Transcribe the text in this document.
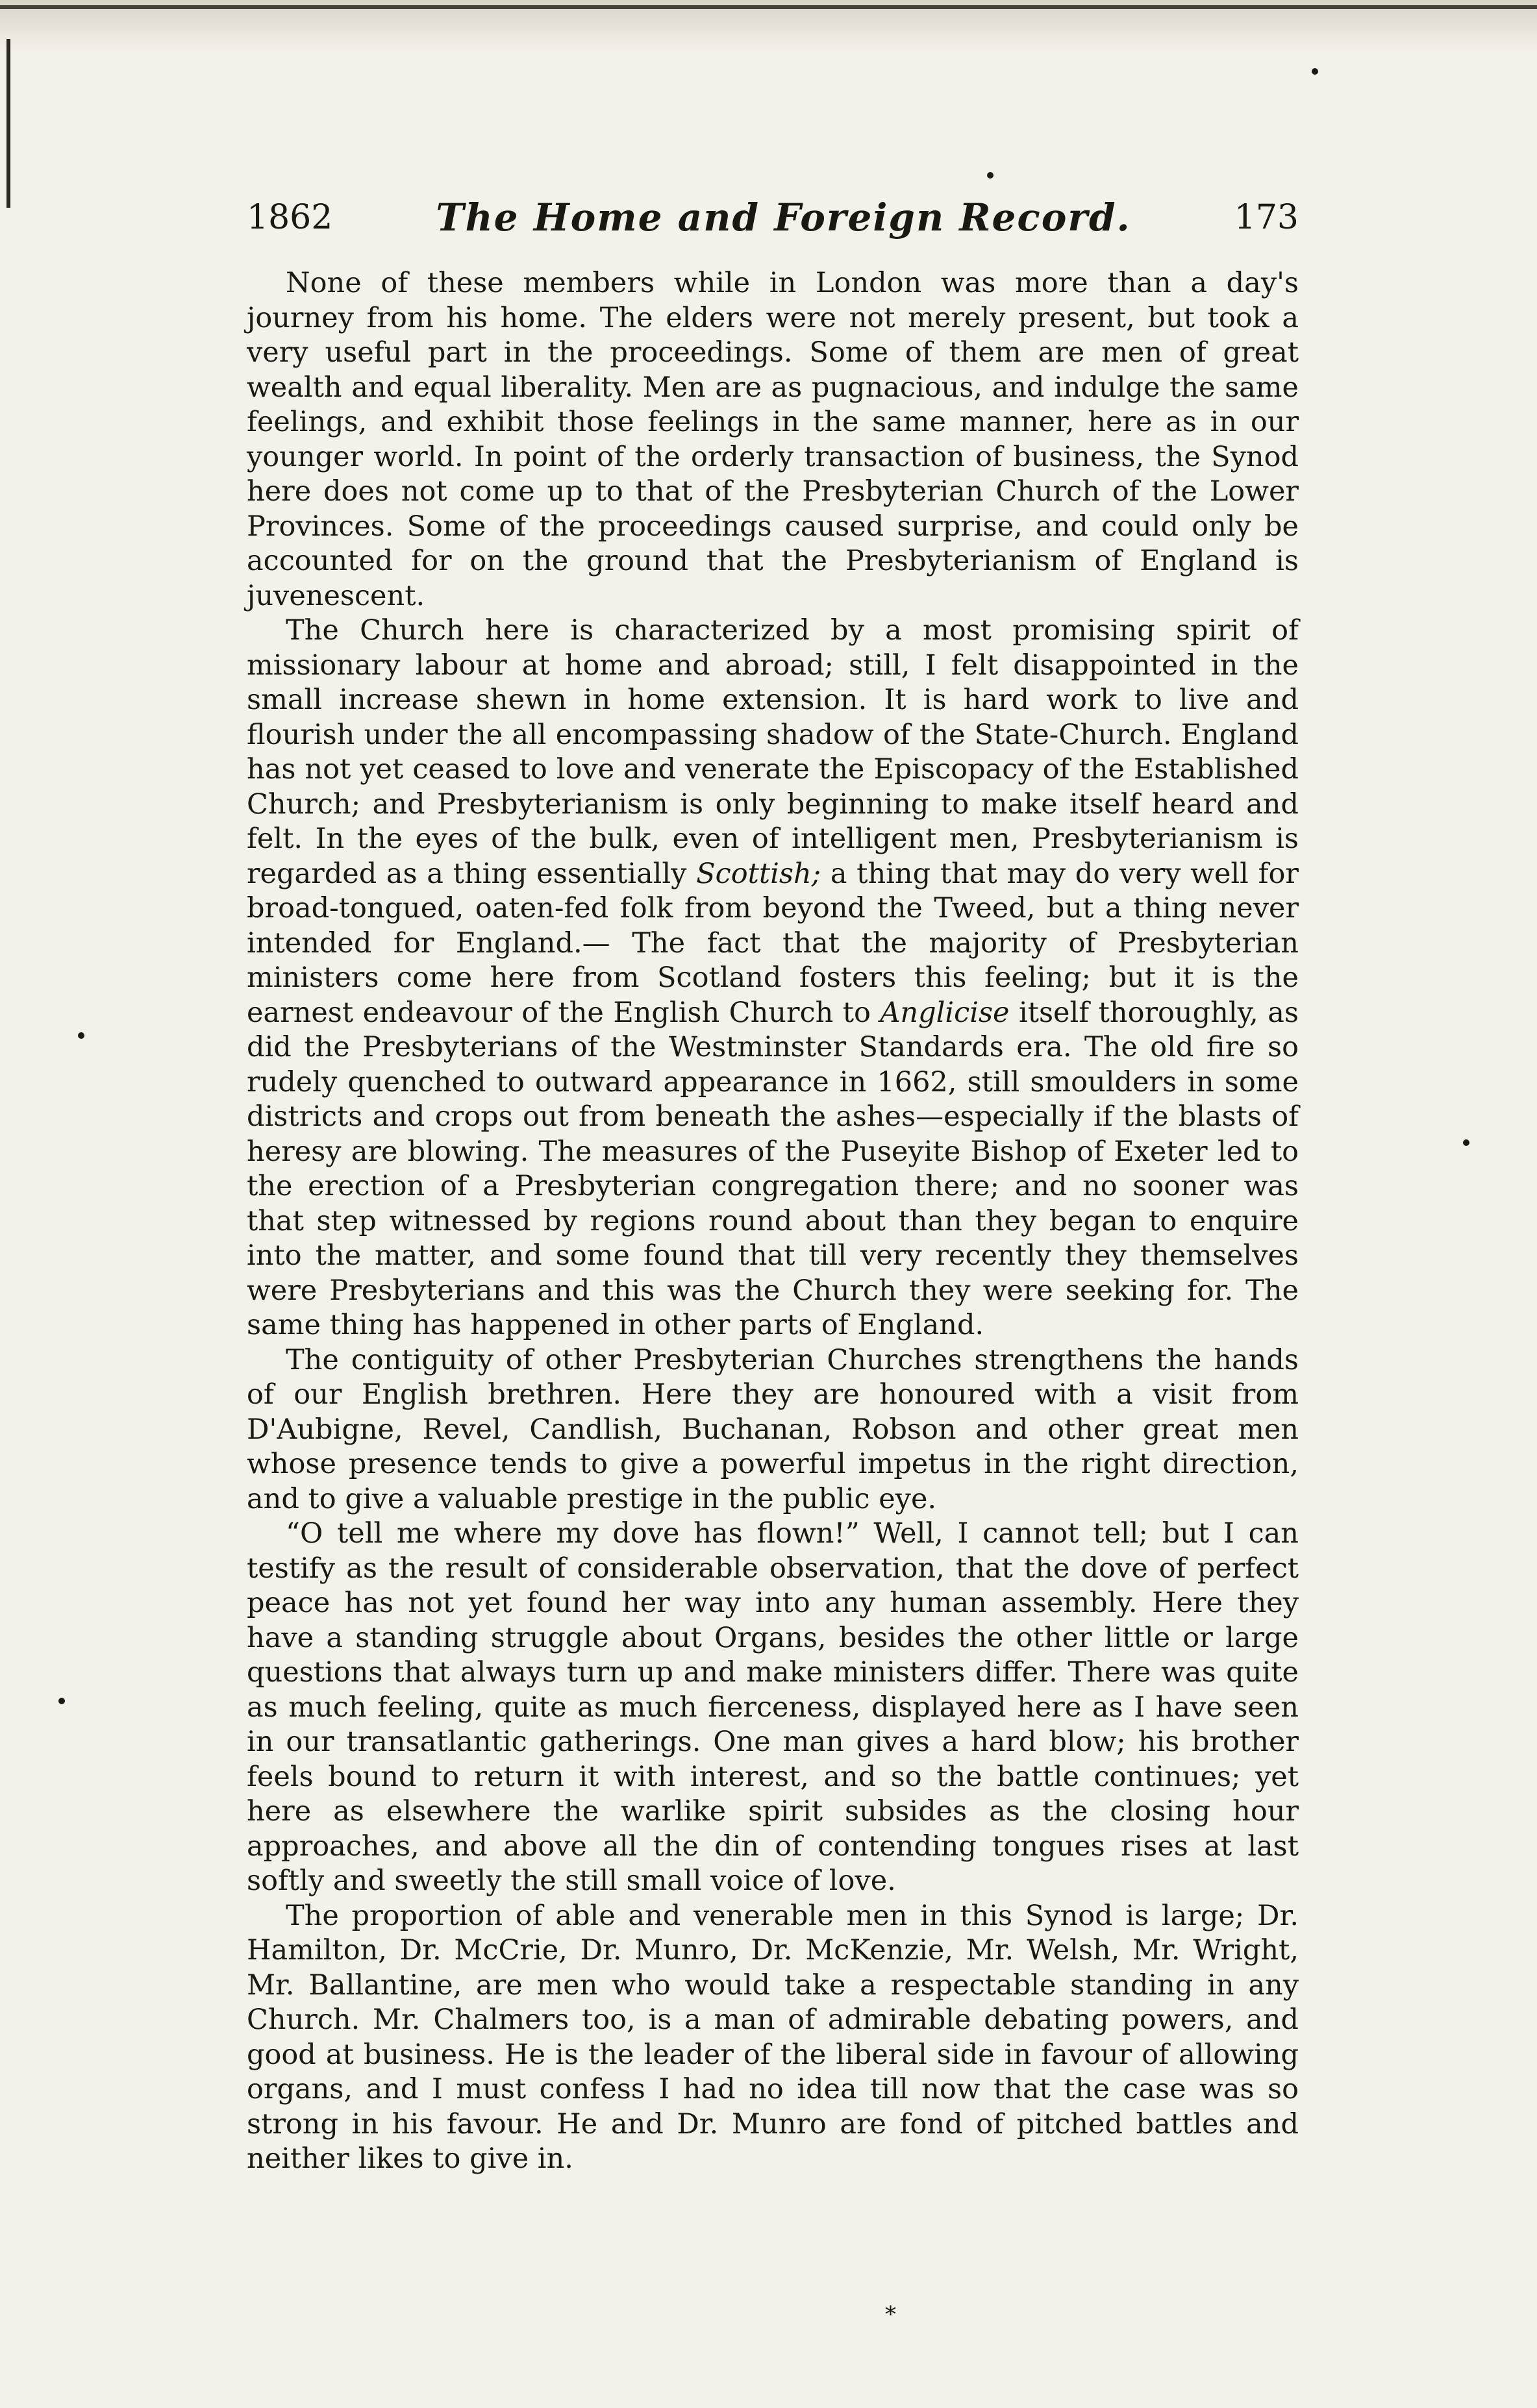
1862	The Home and Foreign Record.	173

None of these members while in London was more than a day's journey from his home. The elders were not merely present, but took a very useful part in the proceedings. Some of them are men of great wealth and equal liberality. Men are as pugnacious, and indulge the same feelings, and exhibit those feelings in the same manner, here as in our younger world. In point of the orderly transaction of business, the Synod here does not come up to that of the Presbyterian Church of the Lower Provinces. Some of the proceedings caused surprise, and could only be accounted for on the ground that the Presbyterianism of England is juvenescent.

The Church here is characterized by a most promising spirit of missionary labour at home and abroad; still, I felt disappointed in the small increase shewn in home extension. It is hard work to live and flourish under the all encompassing shadow of the State-Church. England has not yet ceased to love and venerate the Episcopacy of the Established Church; and Presbyterianism is only beginning to make itself heard and felt. In the eyes of the bulk, even of intelligent men, Presbyterianism is regarded as a thing essentially Scottish; a thing that may do very well for broad-tongued, oaten-fed folk from beyond the Tweed, but a thing never intended for England.— The fact that the majority of Presbyterian ministers come here from Scotland fosters this feeling; but it is the earnest endeavour of the English Church to Anglicise itself thoroughly, as did the Presbyterians of the Westminster Standards era. The old fire so rudely quenched to outward appearance in 1662, still smoulders in some districts and crops out from beneath the ashes—especially if the blasts of heresy are blowing. The measures of the Puseyite Bishop of Exeter led to the erection of a Presbyterian congregation there; and no sooner was that step witnessed by regions round about than they began to enquire into the matter, and some found that till very recently they themselves were Presbyterians and this was the Church they were seeking for. The same thing has happened in other parts of England.

The contiguity of other Presbyterian Churches strengthens the hands of our English brethren. Here they are honoured with a visit from D'Aubigne, Revel, Candlish, Buchanan, Robson and other great men whose presence tends to give a powerful impetus in the right direction, and to give a valuable prestige in the public eye.

“O tell me where my dove has flown!” Well, I cannot tell; but I can testify as the result of considerable observation, that the dove of perfect peace has not yet found her way into any human assembly. Here they have a standing struggle about Organs, besides the other little or large questions that always turn up and make ministers differ. There was quite as much feeling, quite as much fierceness, displayed here as I have seen in our transatlantic gatherings. One man gives a hard blow; his brother feels bound to return it with interest, and so the battle continues; yet here as elsewhere the warlike spirit subsides as the closing hour approaches, and above all the din of contending tongues rises at last softly and sweetly the still small voice of love.

The proportion of able and venerable men in this Synod is large; Dr. Hamilton, Dr. McCrie, Dr. Munro, Dr. McKenzie, Mr. Welsh, Mr. Wright, Mr. Ballantine, are men who would take a respectable standing in any Church. Mr. Chalmers too, is a man of admirable debating powers, and good at business. He is the leader of the liberal side in favour of allowing organs, and I must confess I had no idea till now that the case was so strong in his favour. He and Dr. Munro are fond of pitched battles and neither likes to give in.

*
